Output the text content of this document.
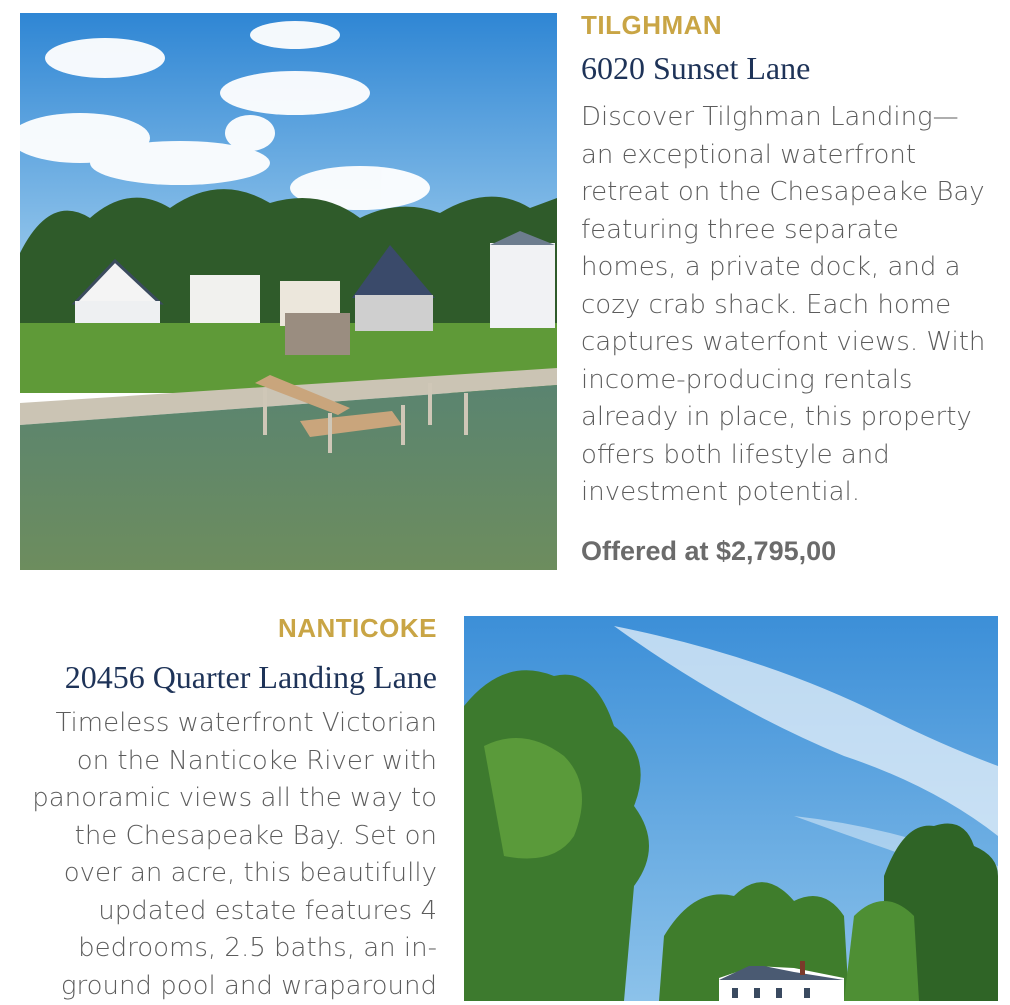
TILGHMAN
6020 Sunset Lane

Discover Tilghman Landing— an exceptional waterfront retreat on the Chesapeake Bay featuring three separate homes, a private dock, and a cozy crab shack. Each home captures waterfont views. With income-producing rentals already in place, this property offers both lifestyle and investment potential.

Offered at $2,795,00

NANTICOKE
20456 Quarter Landing Lane

Timeless waterfront Victorian on the Nanticoke River with panoramic views all the way to the Chesapeake Bay. Set on over an acre, this beautifully updated estate features 4 bedrooms, 2.5 baths, an in-ground pool and wraparound
